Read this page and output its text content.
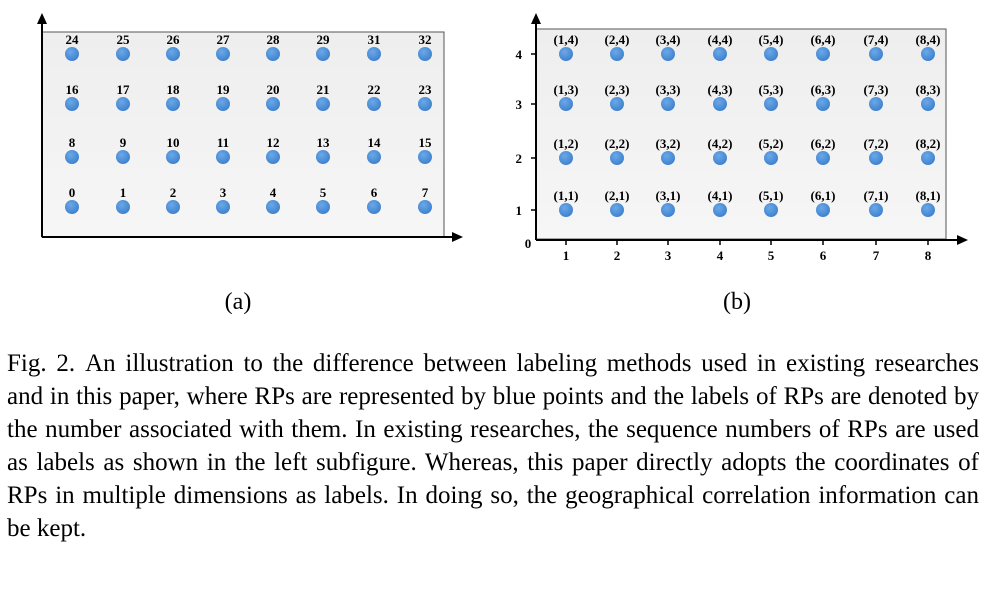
24	25	26	27	28	29	31	32
16	17	18	19	20	21	22	23
8	9	10	11	12	13	14	15
0	1	2	3	4	5	6	7
(a)
0
1	2	3	4	5	6	7	8
4
3
2
1
(1,4) (2,4) (3,4) (4,4) (5,4) (6,4) (7,4) (8,4)
(1,3) (2,3) (3,3) (4,3) (5,3) (6,3) (7,3) (8,3)
(1,2) (2,2) (3,2) (4,2) (5,2) (6,2) (7,2) (8,2)
(1,1) (2,1) (3,1) (4,1) (5,1) (6,1) (7,1) (8,1)
(b)

Fig. 2. An illustration to the difference between labeling methods used in existing researches and in this paper, where RPs are represented by blue points and the labels of RPs are denoted by the number associated with them. In existing researches, the sequence numbers of RPs are used as labels as shown in the left subfigure. Whereas, this paper directly adopts the coordinates of RPs in multiple dimensions as labels. In doing so, the geographical correlation information can be kept.
